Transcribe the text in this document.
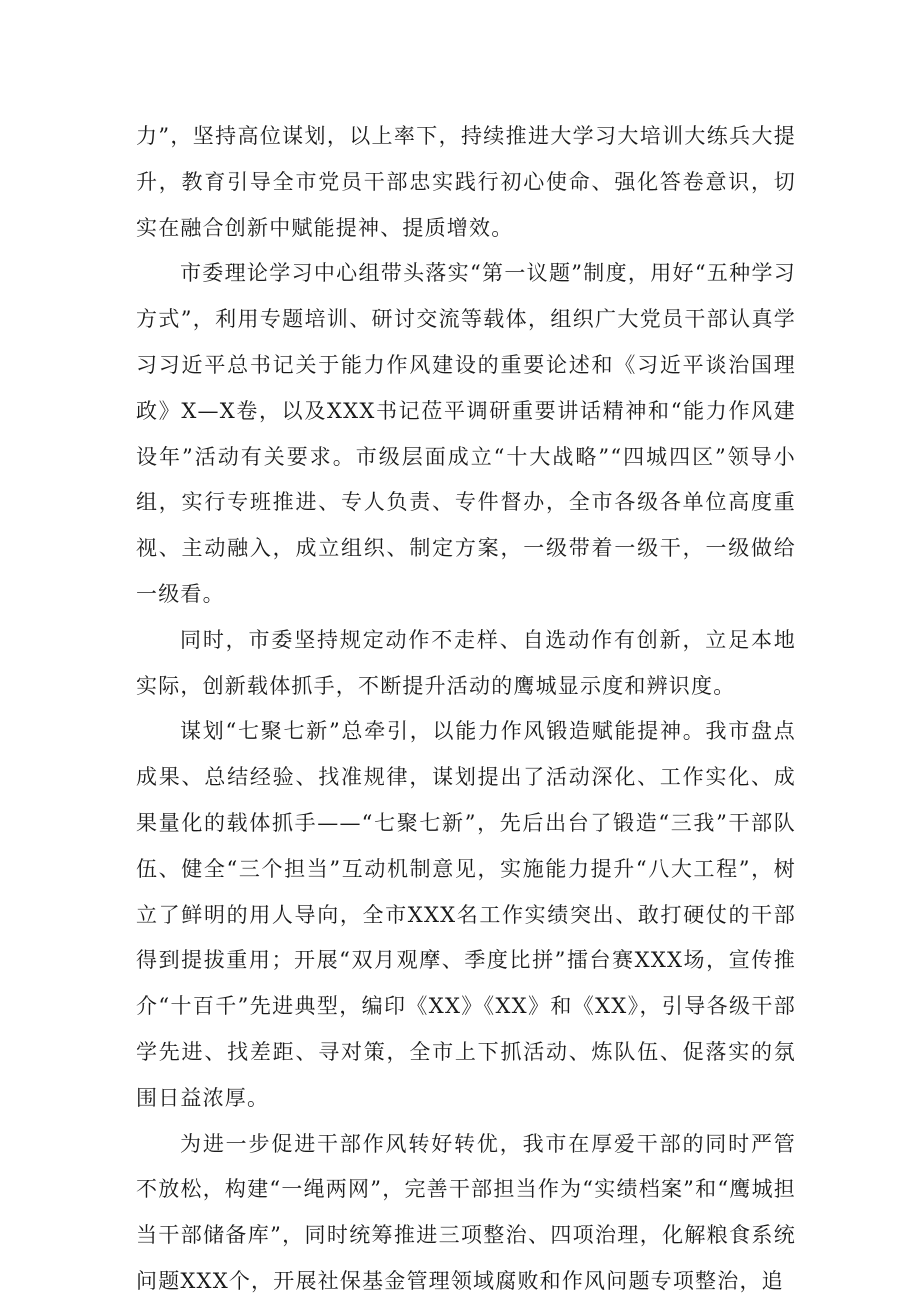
力”，坚持高位谋划，以上率下，持续推进大学习大培训大练兵大提升，教育引导全市党员干部忠实践行初心使命、强化答卷意识，切实在融合创新中赋能提神、提质增效。

市委理论学习中心组带头落实“第一议题”制度，用好“五种学习方式”，利用专题培训、研讨交流等载体，组织广大党员干部认真学习习近平总书记关于能力作风建设的重要论述和《习近平谈治国理政》X—X卷，以及XXX书记莅平调研重要讲话精神和“能力作风建设年”活动有关要求。市级层面成立“十大战略”“四城四区”领导小组，实行专班推进、专人负责、专件督办，全市各级各单位高度重视、主动融入，成立组织、制定方案，一级带着一级干，一级做给一级看。

同时，市委坚持规定动作不走样、自选动作有创新，立足本地实际，创新载体抓手，不断提升活动的鹰城显示度和辨识度。

谋划“七聚七新”总牵引，以能力作风锻造赋能提神。我市盘点成果、总结经验、找准规律，谋划提出了活动深化、工作实化、成果量化的载体抓手——“七聚七新”，先后出台了锻造“三我”干部队伍、健全“三个担当”互动机制意见，实施能力提升“八大工程”，树立了鲜明的用人导向，全市XXX名工作实绩突出、敢打硬仗的干部得到提拔重用；开展“双月观摩、季度比拼”擂台赛XXX场，宣传推介“十百千”先进典型，编印《XX》《XX》和《XX》，引导各级干部学先进、找差距、寻对策，全市上下抓活动、炼队伍、促落实的氛围日益浓厚。

为进一步促进干部作风转好转优，我市在厚爱干部的同时严管不放松，构建“一绳两网”，完善干部担当作为“实绩档案”和“鹰城担当干部储备库”，同时统筹推进三项整治、四项治理，化解粮食系统问题XXX个，开展社保基金管理领域腐败和作风问题专项整治，追
